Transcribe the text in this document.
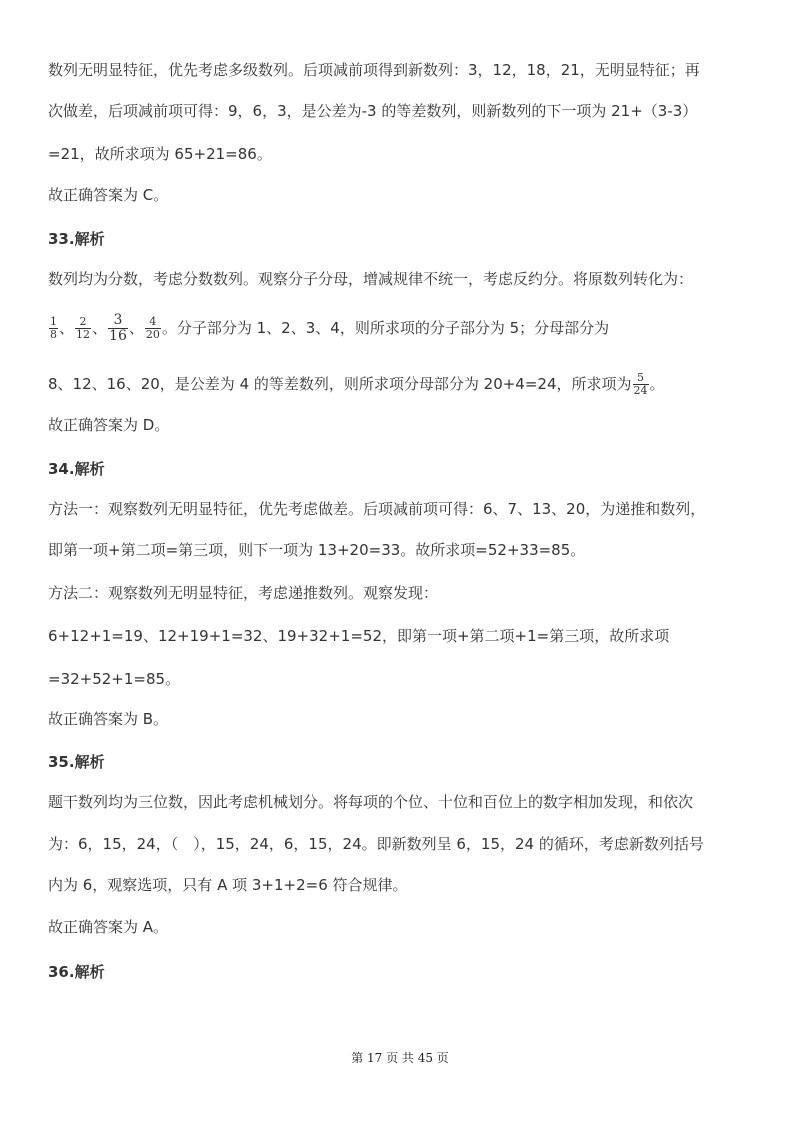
数列无明显特征，优先考虑多级数列。后项减前项得到新数列：3，12，18，21，无明显特征；再
次做差，后项减前项可得：9，6，3，是公差为-3 的等差数列，则新数列的下一项为 21+（3-3）
=21，故所求项为 65+21=86。
故正确答案为 C。
33.解析
数列均为分数，考虑分数数列。观察分子分母，增减规律不统一，考虑反约分。将原数列转化为：
$\frac{1}{8}$ 、 $\frac{2}{12}$ 、 $\frac{3}{16}$ 、 $\frac{4}{20}$ 。分子部分为 1、2、3、4，则所求项的分子部分为 5；分母部分为
8、12、16、20，是公差为 4 的等差数列，则所求项分母部分为 20+4=24，所求项为 $\frac{5}{24}$ 。
故正确答案为 D。
34.解析
方法一：观察数列无明显特征，优先考虑做差。后项减前项可得：6、7、13、20，为递推和数列，
即第一项+第二项=第三项，则下一项为 13+20=33。故所求项=52+33=85。
方法二：观察数列无明显特征，考虑递推数列。观察发现：
6+12+1=19、12+19+1=32、19+32+1=52，即第一项+第二项+1=第三项，故所求项
=32+52+1=85。
故正确答案为 B。
35.解析
题干数列均为三位数，因此考虑机械划分。将每项的个位、十位和百位上的数字相加发现，和依次
为：6，15，24，（　），15，24，6，15，24。即新数列呈 6，15，24 的循环，考虑新数列括号
内为 6，观察选项，只有 A 项 3+1+2=6 符合规律。
故正确答案为 A。
36.解析
第 17 页 共 45 页
